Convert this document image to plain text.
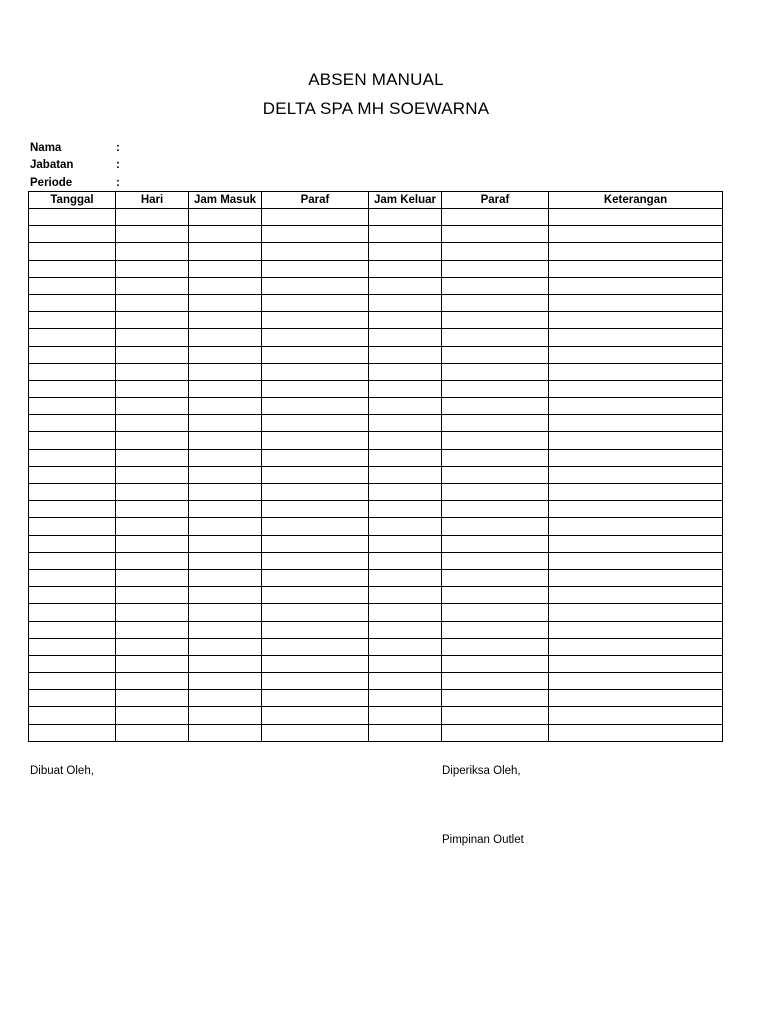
ABSEN MANUAL
DELTA SPA MH SOEWARNA
Nama	:
Jabatan	:
Periode	:
Tanggal	Hari	Jam Masuk	Paraf	Jam Keluar	Paraf	Keterangan

Dibuat Oleh,	Diperiksa Oleh,
Pimpinan Outlet
